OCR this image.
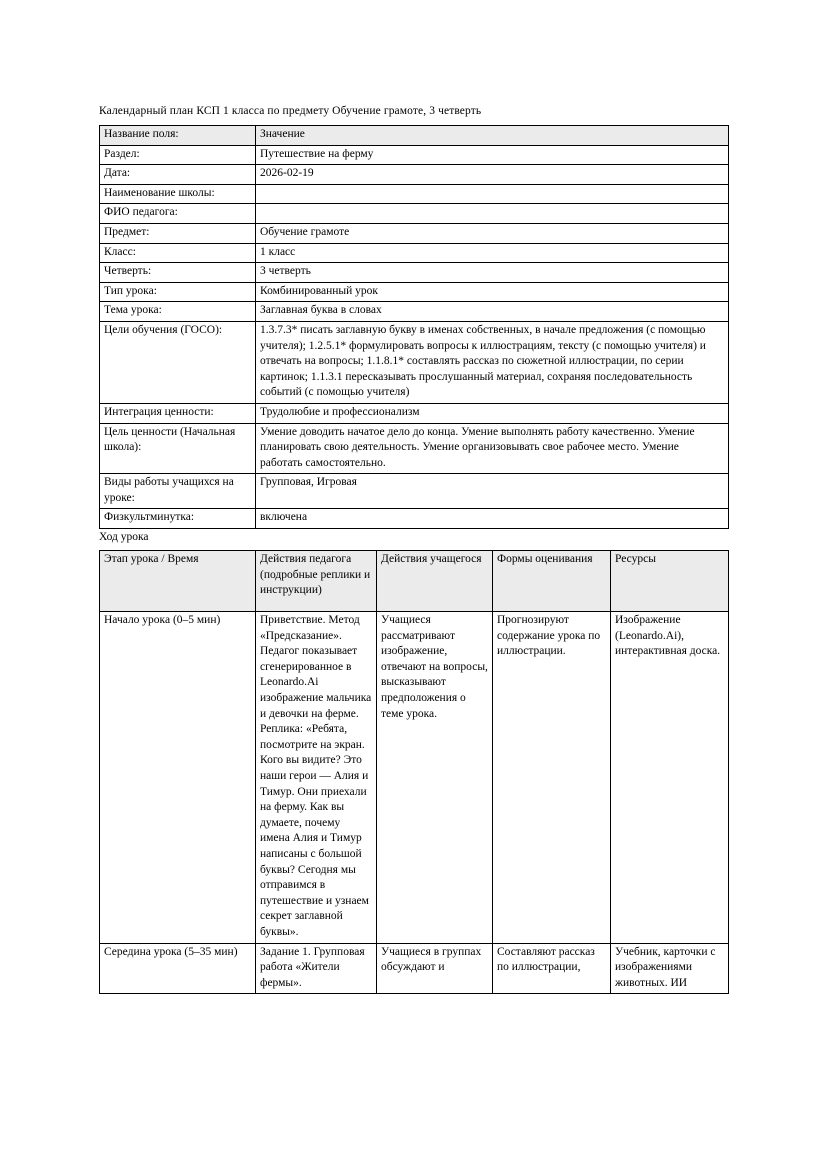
Календарный план КСП 1 класса по предмету Обучение грамоте, 3 четверть

Название поля:	Значение
Раздел:	Путешествие на ферму
Дата:	2026-02-19
Наименование школы:	
ФИО педагога:	
Предмет:	Обучение грамоте
Класс:	1 класс
Четверть:	3 четверть
Тип урока:	Комбинированный урок
Тема урока:	Заглавная буква в словах
Цели обучения (ГОСО):	1.3.7.3* писать заглавную букву в именах собственных, в начале предложения (с помощью учителя); 1.2.5.1* формулировать вопросы к иллюстрациям, тексту (с помощью учителя) и отвечать на вопросы; 1.1.8.1* составлять рассказ по сюжетной иллюстрации, по серии картинок; 1.1.3.1 пересказывать прослушанный материал, сохраняя последовательность событий (с помощью учителя)
Интеграция ценности:	Трудолюбие и профессионализм
Цель ценности (Начальная школа):	Умение доводить начатое дело до конца. Умение выполнять работу качественно. Умение планировать свою деятельность. Умение организовывать свое рабочее место. Умение работать самостоятельно.
Виды работы учащихся на уроке:	Групповая, Игровая
Физкультминутка:	включена

Ход урока

Этап урока / Время	Действия педагога (подробные реплики и инструкции)	Действия учащегося	Формы оценивания	Ресурсы
Начало урока (0–5 мин)	Приветствие. Метод «Предсказание». Педагог показывает сгенерированное в Leonardo.Ai изображение мальчика и девочки на ферме. Реплика: «Ребята, посмотрите на экран. Кого вы видите? Это наши герои — Алия и Тимур. Они приехали на ферму. Как вы думаете, почему имена Алия и Тимур написаны с большой буквы? Сегодня мы отправимся в путешествие и узнаем секрет заглавной буквы».	Учащиеся рассматривают изображение, отвечают на вопросы, высказывают предположения о теме урока.	Прогнозируют содержание урока по иллюстрации.	Изображение (Leonardo.Ai), интерактивная доска.

Середина урока (5–35 мин)	Задание 1. Групповая работа «Жители фермы».	Учащиеся в группах обсуждают и	Составляют рассказ по иллюстрации,	Учебник, карточки с изображениями животных. ИИ
